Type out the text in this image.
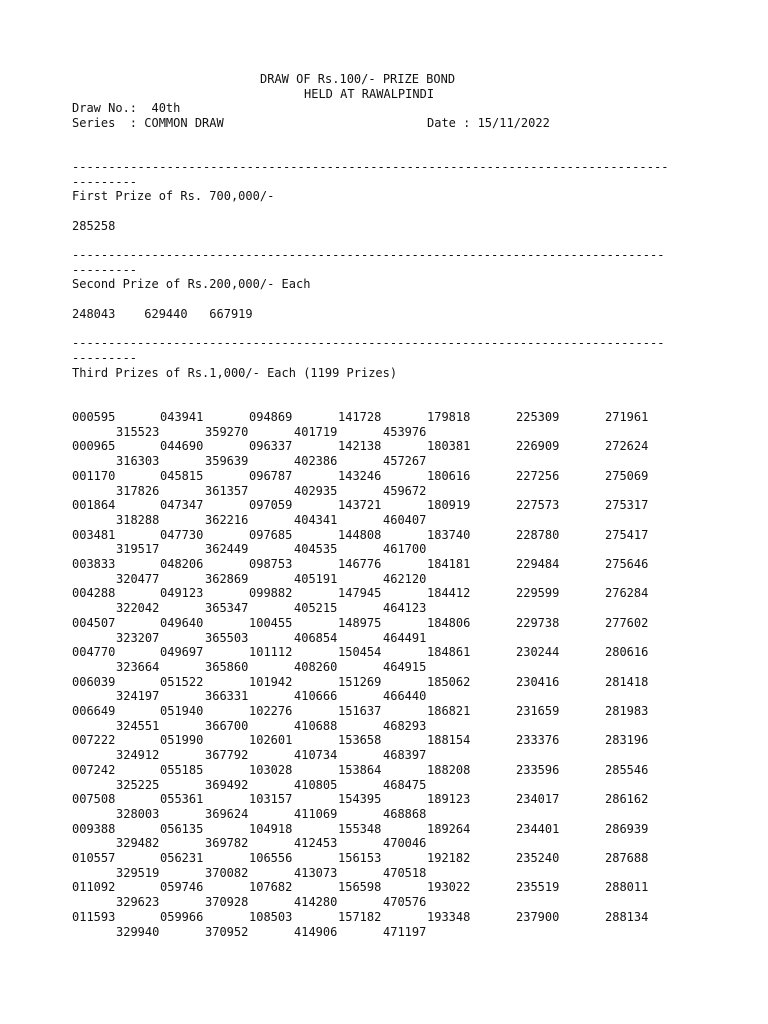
DRAW OF Rs.100/- PRIZE BOND
HELD AT RAWALPINDI
Draw No.:  40th
Series  : COMMON DRAW	Date : 15/11/2022
----------------------------------------------------------------------------------
---------
First Prize of Rs. 700,000/-
285258
----------------------------------------------------------------------------------
---------
Second Prize of Rs.200,000/- Each
248043    629440   667919
----------------------------------------------------------------------------------
---------
Third Prizes of Rs.1,000/- Each (1199 Prizes)
000595	043941	094869	141728	179818	225309	271961
315523	359270	401719	453976
000965	044690	096337	142138	180381	226909	272624
316303	359639	402386	457267
001170	045815	096787	143246	180616	227256	275069
317826	361357	402935	459672
001864	047347	097059	143721	180919	227573	275317
318288	362216	404341	460407
003481	047730	097685	144808	183740	228780	275417
319517	362449	404535	461700
003833	048206	098753	146776	184181	229484	275646
320477	362869	405191	462120
004288	049123	099882	147945	184412	229599	276284
322042	365347	405215	464123
004507	049640	100455	148975	184806	229738	277602
323207	365503	406854	464491
004770	049697	101112	150454	184861	230244	280616
323664	365860	408260	464915
006039	051522	101942	151269	185062	230416	281418
324197	366331	410666	466440
006649	051940	102276	151637	186821	231659	281983
324551	366700	410688	468293
007222	051990	102601	153658	188154	233376	283196
324912	367792	410734	468397
007242	055185	103028	153864	188208	233596	285546
325225	369492	410805	468475
007508	055361	103157	154395	189123	234017	286162
328003	369624	411069	468868
009388	056135	104918	155348	189264	234401	286939
329482	369782	412453	470046
010557	056231	106556	156153	192182	235240	287688
329519	370082	413073	470518
011092	059746	107682	156598	193022	235519	288011
329623	370928	414280	470576
011593	059966	108503	157182	193348	237900	288134
329940	370952	414906	471197
